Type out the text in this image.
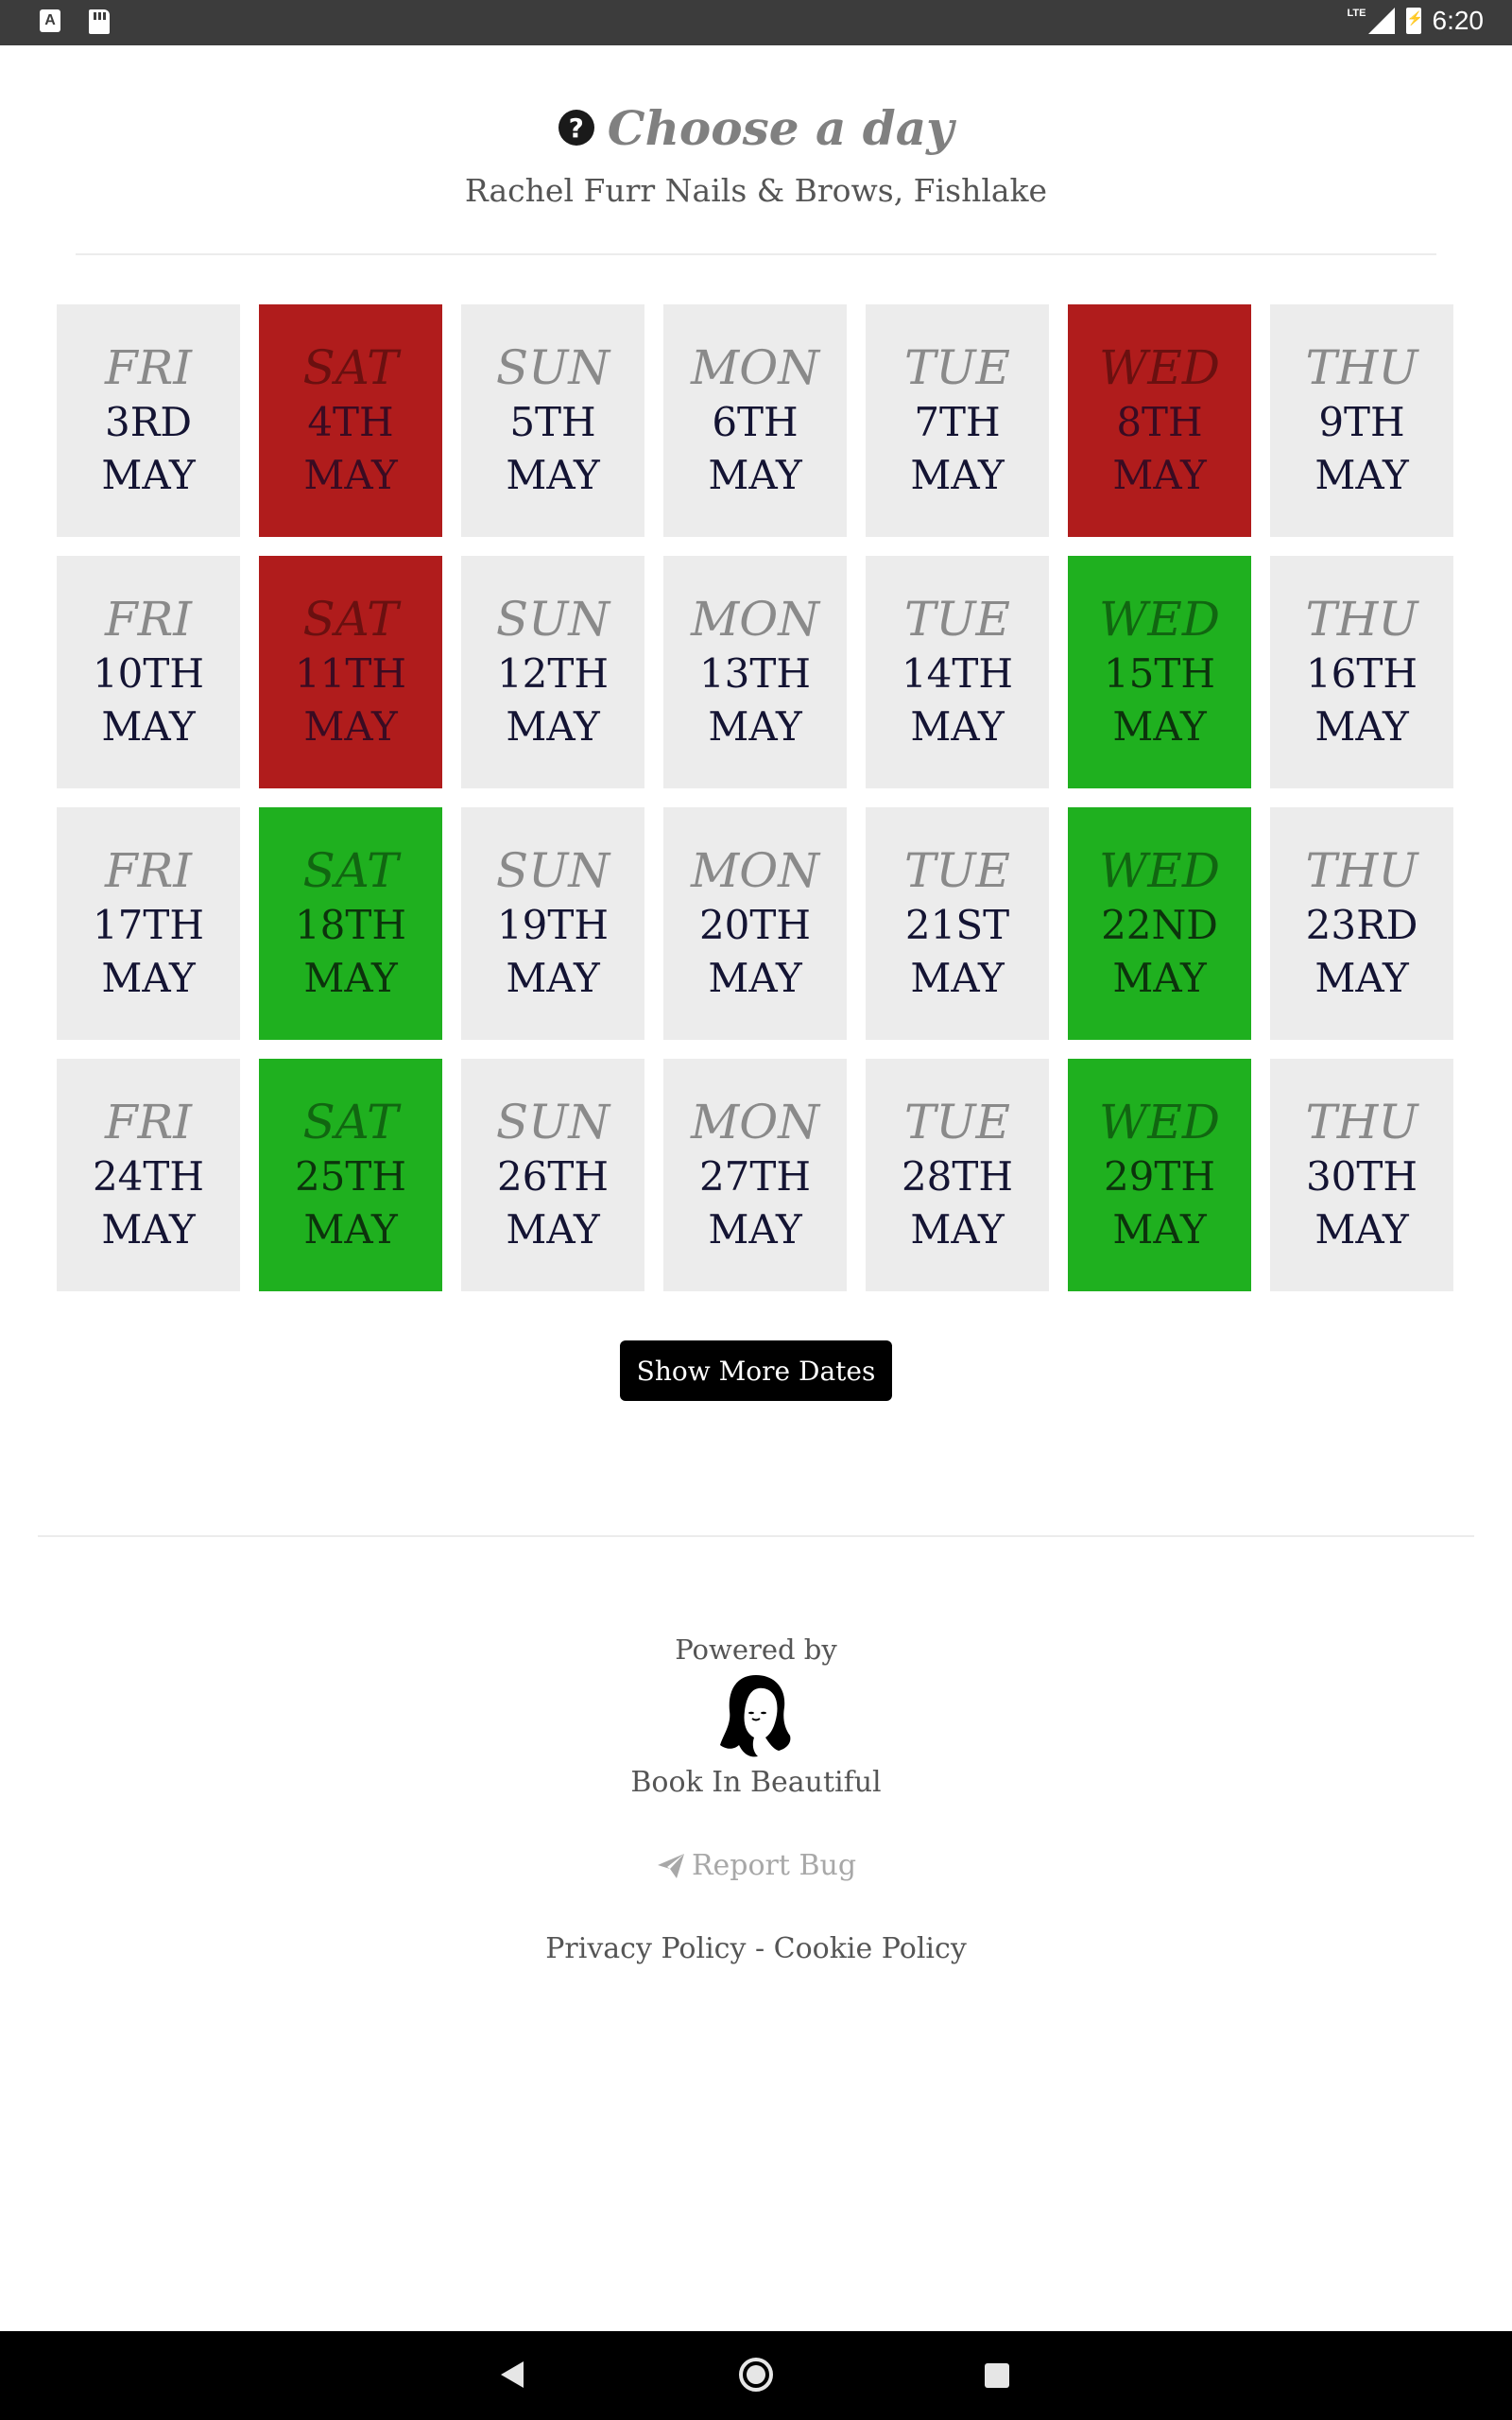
A	LTE
⚡	6:20
? Choose a day
Rachel Furr Nails & Brows, Fishlake
FRI
3RD
MAY
SAT
4TH
MAY
SUN
5TH
MAY
MON
6TH
MAY
TUE
7TH
MAY
WED
8TH
MAY
THU
9TH
MAY
FRI
10TH
MAY
SAT
11TH
MAY
SUN
12TH
MAY
MON
13TH
MAY
TUE
14TH
MAY
WED
15TH
MAY
THU
16TH
MAY
FRI
17TH
MAY
SAT
18TH
MAY
SUN
19TH
MAY
MON
20TH
MAY
TUE
21ST
MAY
WED
22ND
MAY
THU
23RD
MAY
FRI
24TH
MAY
SAT
25TH
MAY
SUN
26TH
MAY
MON
27TH
MAY
TUE
28TH
MAY
WED
29TH
MAY
THU
30TH
MAY
Show More Dates
Powered by
Book In Beautiful
Report Bug
Privacy Policy - Cookie Policy
